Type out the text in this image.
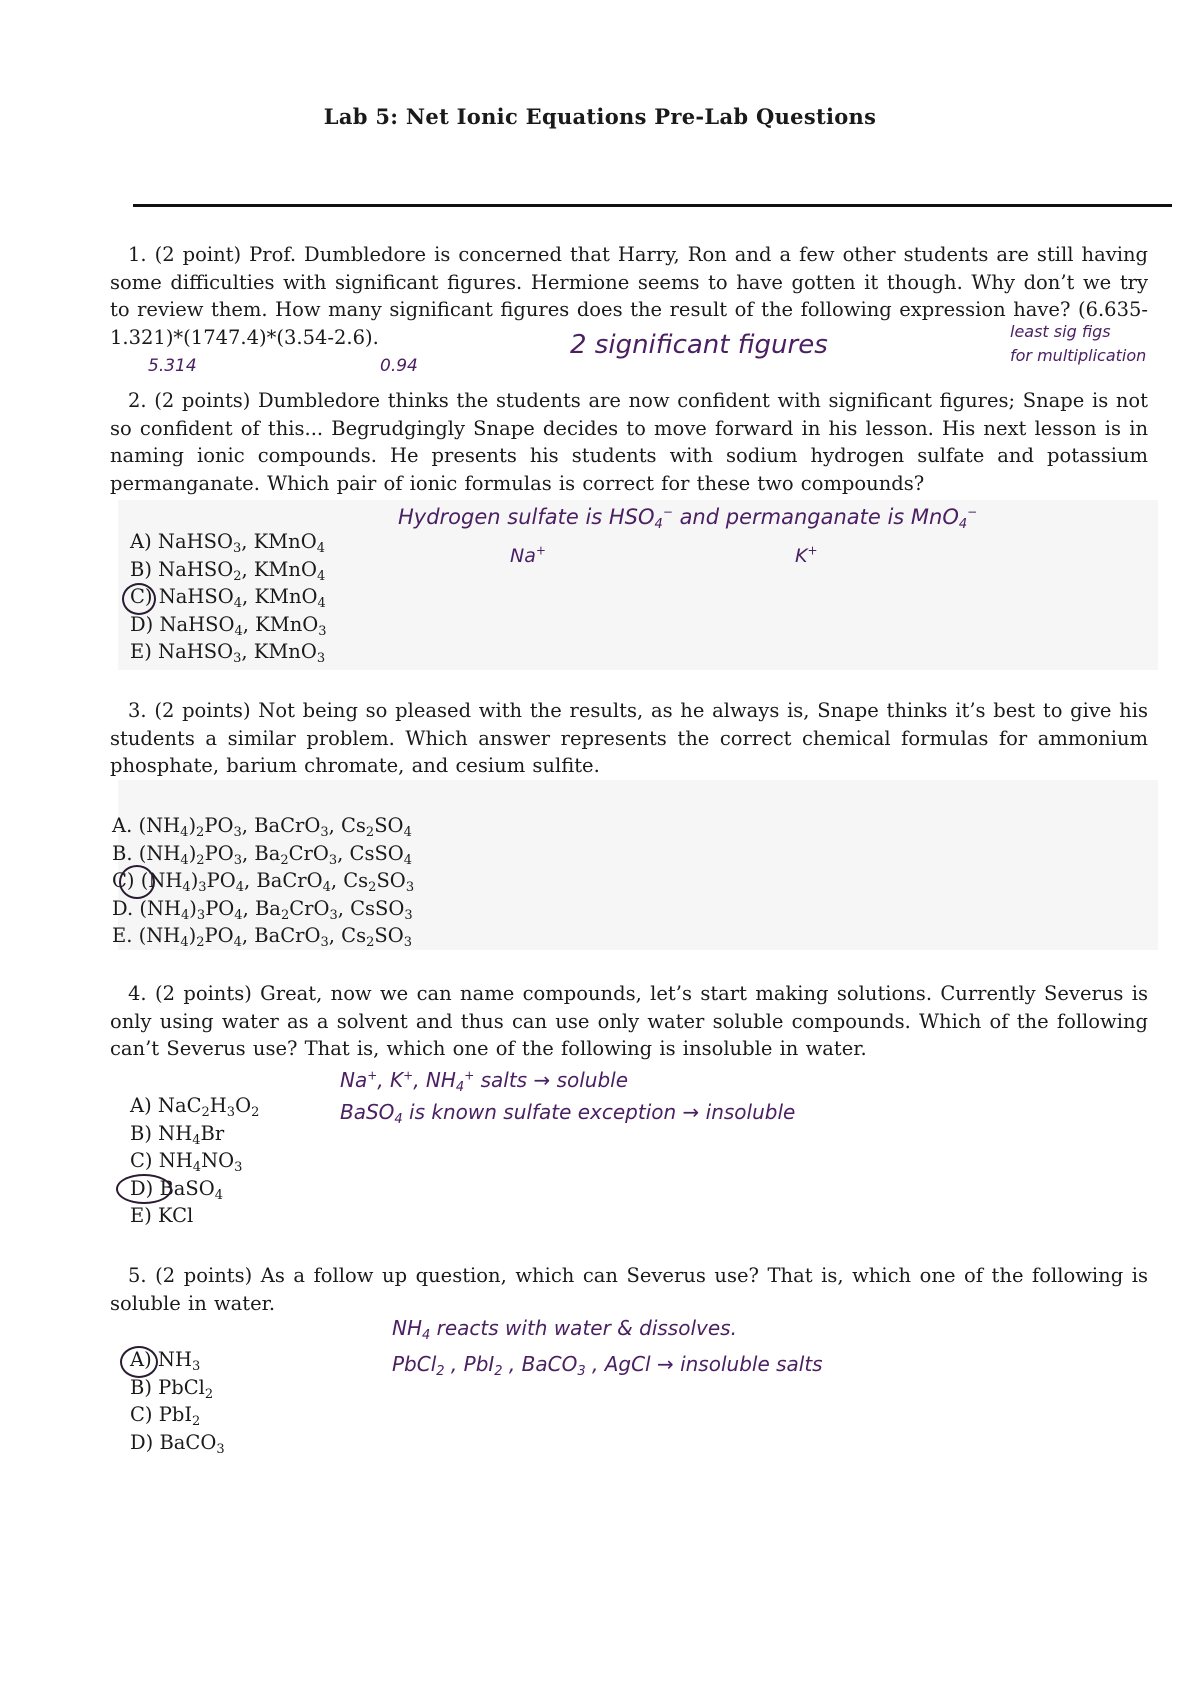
Lab 5: Net Ionic Equations Pre-Lab Questions
1. (2 point) Prof. Dumbledore is concerned that Harry, Ron and a few other students are still having some difficulties with significant figures. Hermione seems to have gotten it though. Why don’t we try to review them. How many significant figures does the result of the following expression have? (6.635-1.321)*(1747.4)*(3.54-2.6).
5.314	0.94
2 significant figures	least sig figs
for multiplication
2. (2 points) Dumbledore thinks the students are now confident with significant figures; Snape is not so confident of this... Begrudgingly Snape decides to move forward in his lesson. His next lesson is in naming ionic compounds. He presents his students with sodium hydrogen sulfate and potassium permanganate. Which pair of ionic formulas is correct for these two compounds?
Hydrogen sulfate is $HSO_4^-$ and permanganate is MnO$_4$−
Na+	K+
A) NaHSO$_3$, KMnO$_4$
B) NaHSO$_2$, KMnO$_4$
C) NaHSO$_4$, KMnO$_4$
D) NaHSO$_4$, KMnO$_3$
E) NaHSO$_3$, KMnO$_3$
3. (2 points) Not being so pleased with the results, as he always is, Snape thinks it’s best to give his students a similar problem. Which answer represents the correct chemical formulas for ammonium phosphate, barium chromate, and cesium sulfite.
A. $(NH_4)_2PO_3$, BaCrO$_3$, $Cs_2SO_4$
B. $(NH_4)_2PO_3$, $Ba_2CrO_3$, CsSO$_4$
C) $(NH_4)_3PO_4$, BaCrO$_4$, $Cs_2SO_3$
D. $(NH_4)_3PO_4$, $Ba_2CrO_3$, CsSO$_3$
E. $(NH_4)_2PO_4$, BaCrO$_3$, $Cs_2SO_3$
4. (2 points) Great, now we can name compounds, let’s start making solutions. Currently Severus is only using water as a solvent and thus can use only water soluble compounds. Which of the following can’t Severus use? That is, which one of the following is insoluble in water.
Na+, K+, $NH_4^+$ salts → soluble
BaSO$_4$ is known sulfate exception → insoluble
A) $NaC_2H_3O_2$
B) $NH_4Br$
C) $NH_4NO_3$
D) BaSO$_4$
E) KCl
5. (2 points) As a follow up question, which can Severus use? That is, which one of the following is soluble in water.
$NH_4$ reacts with water & dissolves.
PbCl$_2$ , PbI$_2$ , BaCO$_3$ , AgCl → insoluble salts
A) $NH_3$
B) PbCl$_2$
C) PbI$_2$
D) BaCO$_3$
